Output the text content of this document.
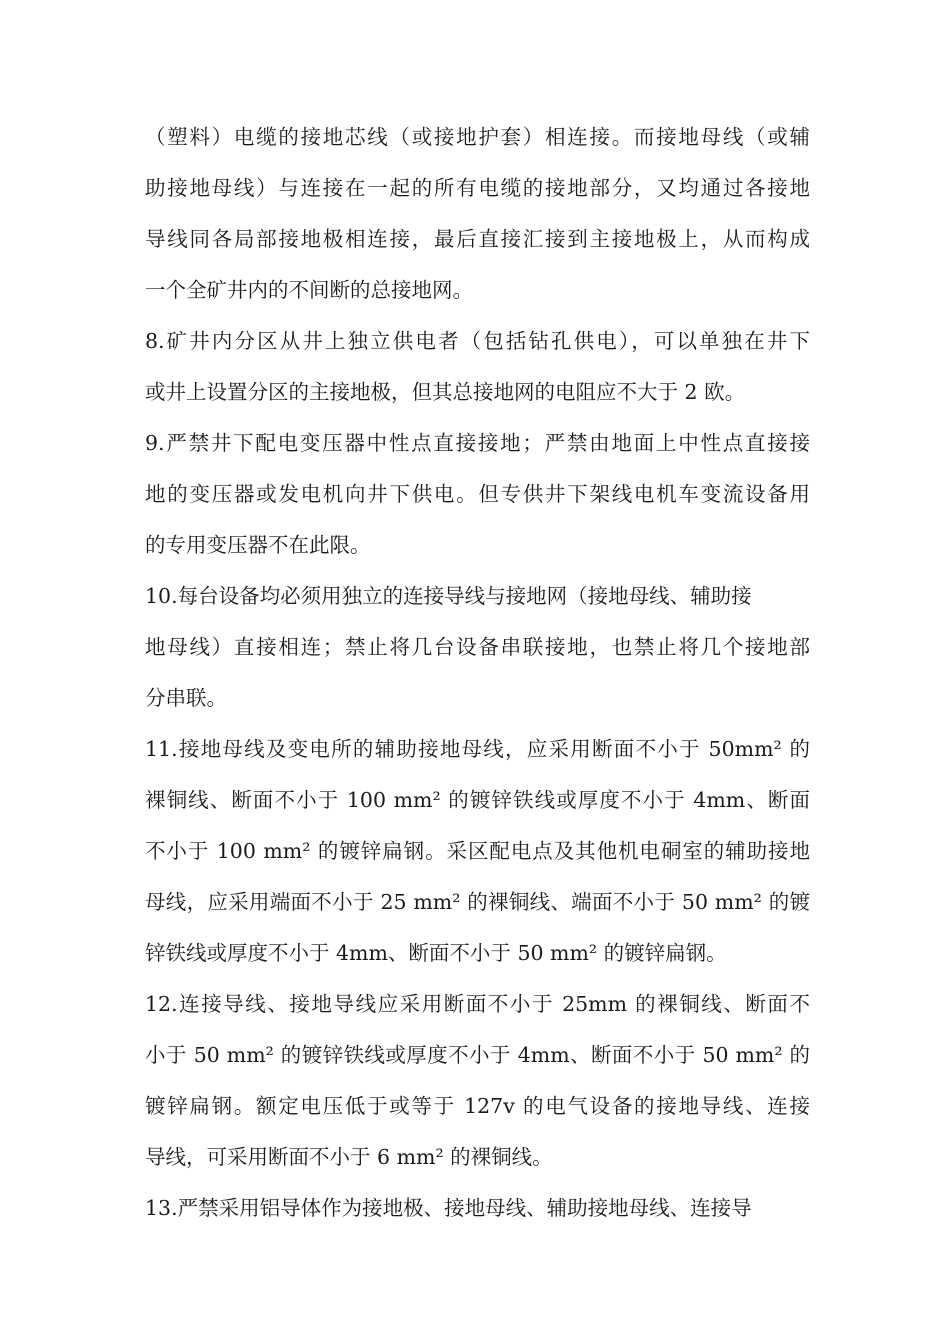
（塑料）电缆的接地芯线（或接地护套）相连接。而接地母线（或辅
助接地母线）与连接在一起的所有电缆的接地部分，又均通过各接地
导线同各局部接地极相连接，最后直接汇接到主接地极上，从而构成
一个全矿井内的不间断的总接地网。
8.矿井内分区从井上独立供电者（包括钻孔供电），可以单独在井下
或井上设置分区的主接地极，但其总接地网的电阻应不大于 2 欧。
9.严禁井下配电变压器中性点直接接地；严禁由地面上中性点直接接
地的变压器或发电机向井下供电。但专供井下架线电机车变流设备用
的专用变压器不在此限。
10.每台设备均必须用独立的连接导线与接地网（接地母线、辅助接
地母线）直接相连；禁止将几台设备串联接地，也禁止将几个接地部
分串联。
11.接地母线及变电所的辅助接地母线，应采用断面不小于 50mm² 的
裸铜线、断面不小于 100 mm² 的镀锌铁线或厚度不小于 4mm、断面
不小于 100 mm² 的镀锌扁钢。采区配电点及其他机电硐室的辅助接地
母线，应采用端面不小于 25 mm² 的裸铜线、端面不小于 50 mm² 的镀
锌铁线或厚度不小于 4mm、断面不小于 50 mm² 的镀锌扁钢。
12.连接导线、接地导线应采用断面不小于 25mm 的裸铜线、断面不
小于 50 mm² 的镀锌铁线或厚度不小于 4mm、断面不小于 50 mm² 的
镀锌扁钢。额定电压低于或等于 127v 的电气设备的接地导线、连接
导线，可采用断面不小于 6 mm² 的裸铜线。
13.严禁采用铝导体作为接地极、接地母线、辅助接地母线、连接导
